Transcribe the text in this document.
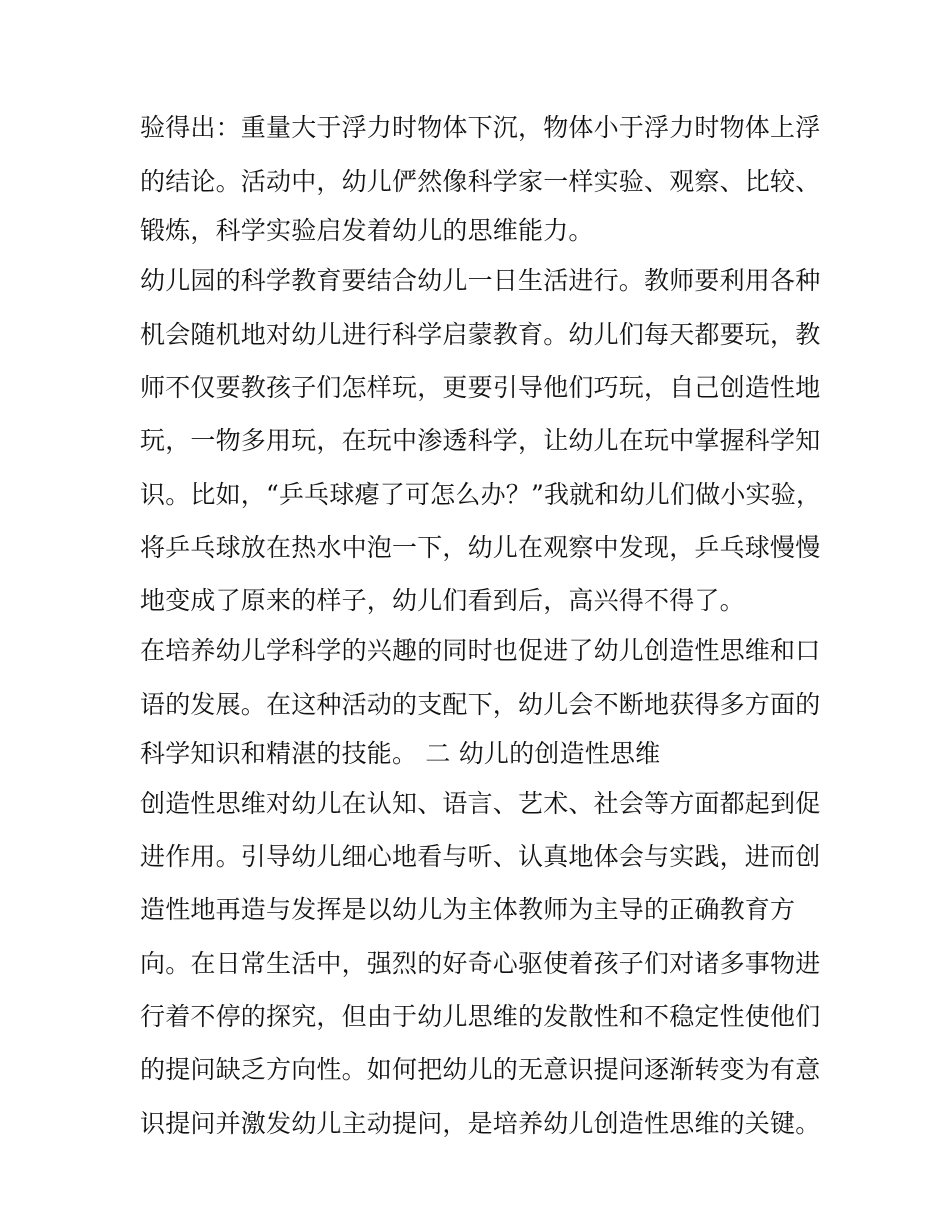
验得出：重量大于浮力时物体下沉，物体小于浮力时物体上浮
的结论。活动中，幼儿俨然像科学家一样实验、观察、比较、
锻炼，科学实验启发着幼儿的思维能力。
幼儿园的科学教育要结合幼儿一日生活进行。教师要利用各种
机会随机地对幼儿进行科学启蒙教育。幼儿们每天都要玩，教
师不仅要教孩子们怎样玩，更要引导他们巧玩，自己创造性地
玩，一物多用玩，在玩中渗透科学，让幼儿在玩中掌握科学知
识。比如，“乒乓球瘪了可怎么办？”我就和幼儿们做小实验，
将乒乓球放在热水中泡一下，幼儿在观察中发现，乒乓球慢慢
地变成了原来的样子，幼儿们看到后，高兴得不得了。
在培养幼儿学科学的兴趣的同时也促进了幼儿创造性思维和口
语的发展。在这种活动的支配下，幼儿会不断地获得多方面的
科学知识和精湛的技能。 二 幼儿的创造性思维
创造性思维对幼儿在认知、语言、艺术、社会等方面都起到促
进作用。引导幼儿细心地看与听、认真地体会与实践，进而创
造性地再造与发挥是以幼儿为主体教师为主导的正确教育方
向。在日常生活中，强烈的好奇心驱使着孩子们对诸多事物进
行着不停的探究，但由于幼儿思维的发散性和不稳定性使他们
的提问缺乏方向性。如何把幼儿的无意识提问逐渐转变为有意
识提问并激发幼儿主动提问，是培养幼儿创造性思维的关键。
